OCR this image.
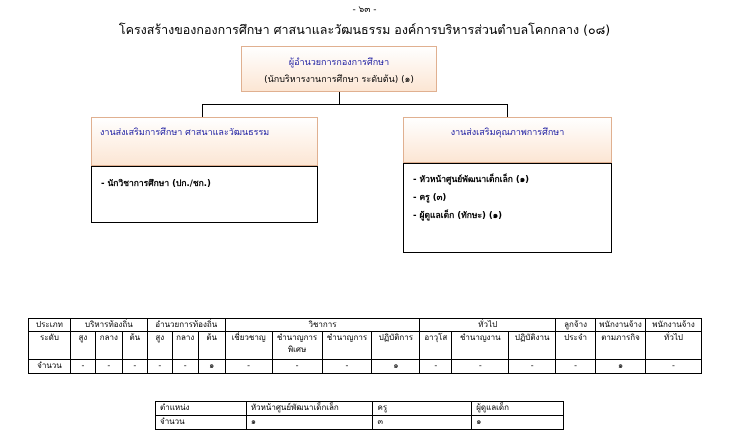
- ๖๓ -
โครงสร้างของกองการศึกษา ศาสนาและวัฒนธรรม องค์การบริหารส่วนตำบลโคกกลาง (๐๘)
ผู้อำนวยการกองการศึกษา
(นักบริหารงานการศึกษา ระดับต้น) (๑)
งานส่งเสริมการศึกษา ศาสนาและวัฒนธรรม
- นักวิชาการศึกษา (ปก./ชก.)
งานส่งเสริมคุณภาพการศึกษา
- หัวหน้าศูนย์พัฒนาเด็กเล็ก (๑)
- ครู (๓)
- ผู้ดูแลเด็ก (ทักษะ) (๑)
ประเภท	บริหารท้องถิ่น			อำนวยการท้องถิ่น			วิชาการ				ทั่วไป			ลูกจ้าง	พนักงานจ้าง	พนักงานจ้าง
ระดับ	สูง	กลาง	ต้น	สูง	กลาง	ต้น	เชี่ยวชาญ	ชำนาญการพิเศษ	ชำนาญการ	ปฏิบัติการ	อาวุโส	ชำนาญงาน	ปฏิบัติงาน	ประจำ	ตามภารกิจ	ทั่วไป
จำนวน	-	-	-	-	-	๑	-	-	-	๑	-	-	-	-	๑	-
ตำแหน่ง	หัวหน้าศูนย์พัฒนาเด็กเล็ก	ครู	ผู้ดูแลเด็ก
จำนวน	๑	๓	๑
